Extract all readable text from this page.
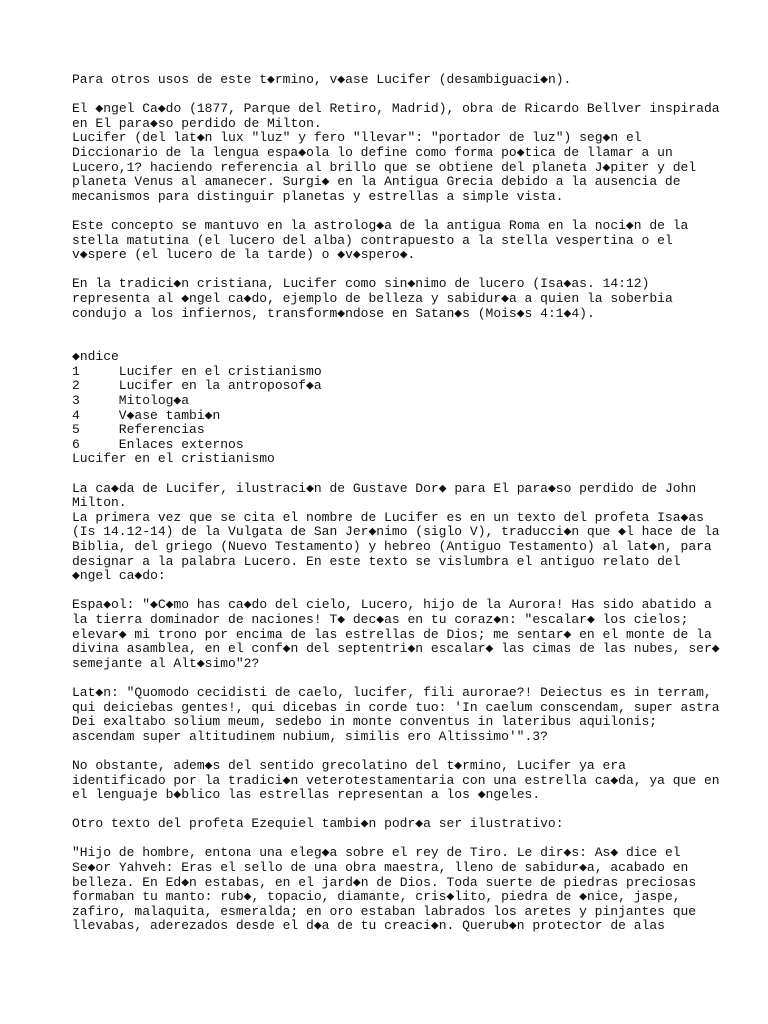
Para otros usos de este t◆rmino, v◆ase Lucifer (desambiguaci◆n).
El ◆ngel Ca◆do (1877, Parque del Retiro, Madrid), obra de Ricardo Bellver inspirada
en El para◆so perdido de Milton.
Lucifer (del lat◆n lux "luz" y fero "llevar": "portador de luz") seg◆n el
Diccionario de la lengua espa◆ola lo define como forma po◆tica de llamar a un
Lucero,1? haciendo referencia al brillo que se obtiene del planeta J◆piter y del
planeta Venus al amanecer. Surgi◆ en la Antigua Grecia debido a la ausencia de
mecanismos para distinguir planetas y estrellas a simple vista.
Este concepto se mantuvo en la astrolog◆a de la antigua Roma en la noci◆n de la
stella matutina (el lucero del alba) contrapuesto a la stella vespertina o el
v◆spere (el lucero de la tarde) o ◆v◆spero◆.
En la tradici◆n cristiana, Lucifer como sin◆nimo de lucero (Isa◆as. 14:12)
representa al ◆ngel ca◆do, ejemplo de belleza y sabidur◆a a quien la soberbia
condujo a los infiernos, transform◆ndose en Satan◆s (Mois◆s 4:1◆4).
◆ndice
1     Lucifer en el cristianismo
2     Lucifer en la antroposof◆a
3     Mitolog◆a
4     V◆ase tambi◆n
5     Referencias
6     Enlaces externos
Lucifer en el cristianismo
La ca◆da de Lucifer, ilustraci◆n de Gustave Dor◆ para El para◆so perdido de John
Milton.
La primera vez que se cita el nombre de Lucifer es en un texto del profeta Isa◆as
(Is 14.12-14) de la Vulgata de San Jer◆nimo (siglo V), traducci◆n que ◆l hace de la
Biblia, del griego (Nuevo Testamento) y hebreo (Antiguo Testamento) al lat◆n, para
designar a la palabra Lucero. En este texto se vislumbra el antiguo relato del
◆ngel ca◆do:
Espa◆ol: "◆C◆mo has ca◆do del cielo, Lucero, hijo de la Aurora! Has sido abatido a
la tierra dominador de naciones! T◆ dec◆as en tu coraz◆n: "escalar◆ los cielos;
elevar◆ mi trono por encima de las estrellas de Dios; me sentar◆ en el monte de la
divina asamblea, en el conf◆n del septentri◆n escalar◆ las cimas de las nubes, ser◆
semejante al Alt◆simo"2?
Lat◆n: "Quomodo cecidisti de caelo, lucifer, fili aurorae?! Deiectus es in terram,
qui deiciebas gentes!, qui dicebas in corde tuo: 'In caelum conscendam, super astra
Dei exaltabo solium meum, sedebo in monte conventus in lateribus aquilonis;
ascendam super altitudinem nubium, similis ero Altissimo'".3?
No obstante, adem◆s del sentido grecolatino del t◆rmino, Lucifer ya era
identificado por la tradici◆n veterotestamentaria con una estrella ca◆da, ya que en
el lenguaje b◆blico las estrellas representan a los ◆ngeles.
Otro texto del profeta Ezequiel tambi◆n podr◆a ser ilustrativo:
"Hijo de hombre, entona una eleg◆a sobre el rey de Tiro. Le dir◆s: As◆ dice el
Se◆or Yahveh: Eras el sello de una obra maestra, lleno de sabidur◆a, acabado en
belleza. En Ed◆n estabas, en el jard◆n de Dios. Toda suerte de piedras preciosas
formaban tu manto: rub◆, topacio, diamante, cris◆lito, piedra de ◆nice, jaspe,
zafiro, malaquita, esmeralda; en oro estaban labrados los aretes y pinjantes que
llevabas, aderezados desde el d◆a de tu creaci◆n. Querub◆n protector de alas
